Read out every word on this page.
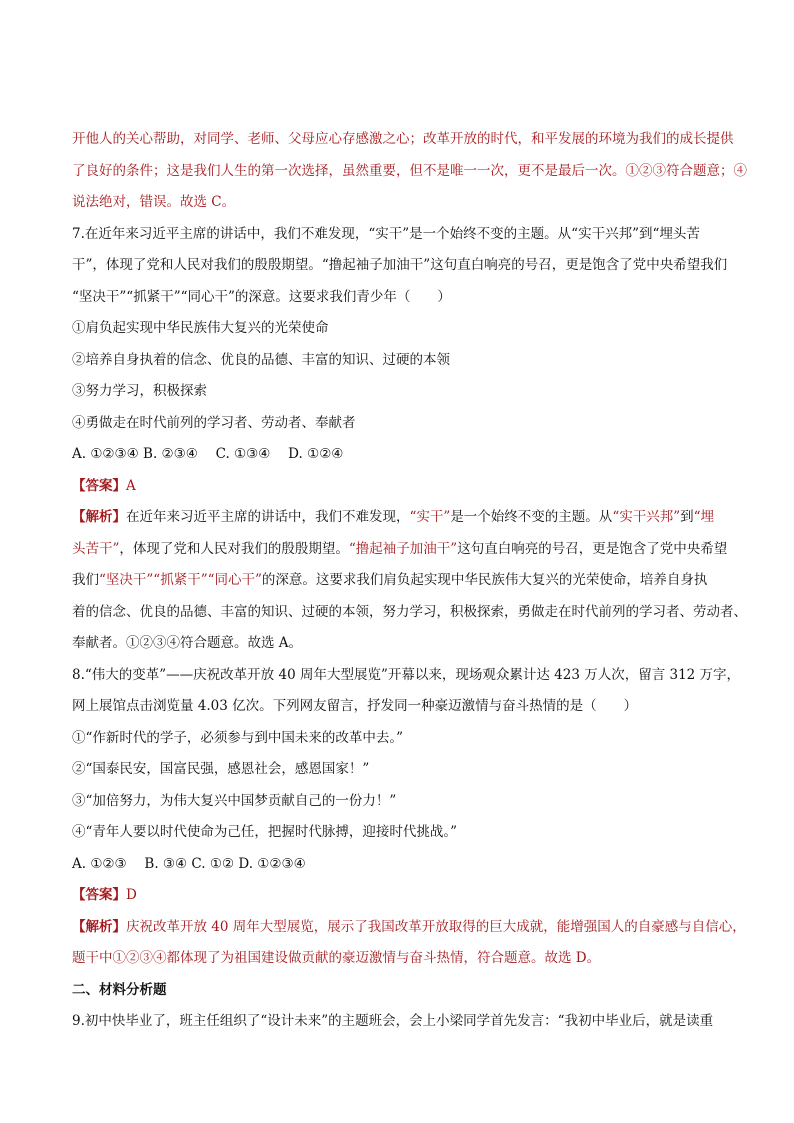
开他人的关心帮助，对同学、老师、父母应心存感激之心；改革开放的时代，和平发展的环境为我们的成长提供
了良好的条件；这是我们人生的第一次选择，虽然重要，但不是唯一一次，更不是最后一次。①②③符合题意；④
说法绝对，错误。故选 C。
7.在近年来习近平主席的讲话中，我们不难发现，“实干”是一个始终不变的主题。从“实干兴邦”到“埋头苦
干”，体现了党和人民对我们的殷殷期望。“撸起袖子加油干”这句直白响亮的号召，更是饱含了党中央希望我们
“坚决干”“抓紧干”“同心干”的深意。这要求我们青少年（　　）
①肩负起实现中华民族伟大复兴的光荣使命
②培养自身执着的信念、优良的品德、丰富的知识、过硬的本领
③努力学习，积极探索
④勇做走在时代前列的学习者、劳动者、奉献者
A. ①②③④ B. ②③④　 C. ①③④　 D. ①②④
【答案】A
【解析】在近年来习近平主席的讲话中，我们不难发现，“实干”是一个始终不变的主题。从“实干兴邦”到“埋
头苦干”，体现了党和人民对我们的殷殷期望。“撸起袖子加油干”这句直白响亮的号召，更是饱含了党中央希望
我们“坚决干”“抓紧干”“同心干”的深意。这要求我们肩负起实现中华民族伟大复兴的光荣使命，培养自身执
着的信念、优良的品德、丰富的知识、过硬的本领，努力学习，积极探索，勇做走在时代前列的学习者、劳动者、
奉献者。①②③④符合题意。故选 A。
8.“伟大的变革”——庆祝改革开放 40 周年大型展览”开幕以来，现场观众累计达 423 万人次，留言 312 万字，
网上展馆点击浏览量 4.03 亿次。下列网友留言，抒发同一种豪迈激情与奋斗热情的是（　　）
①“作新时代的学子，必须参与到中国未来的改革中去。”
②“国泰民安，国富民强，感恩社会，感恩国家！”
③“加倍努力，为伟大复兴中国梦贡献自己的一份力！”
④“青年人要以时代使命为己任，把握时代脉搏，迎接时代挑战。”
A. ①②③　 B. ③④ C. ①② D. ①②③④
【答案】D
【解析】庆祝改革开放 40 周年大型展览，展示了我国改革开放取得的巨大成就，能增强国人的自豪感与自信心，
题干中①②③④都体现了为祖国建设做贡献的豪迈激情与奋斗热情，符合题意。故选 D。
二、材料分析题
9.初中快毕业了，班主任组织了“设计未来”的主题班会，会上小梁同学首先发言：“我初中毕业后，就是读重
